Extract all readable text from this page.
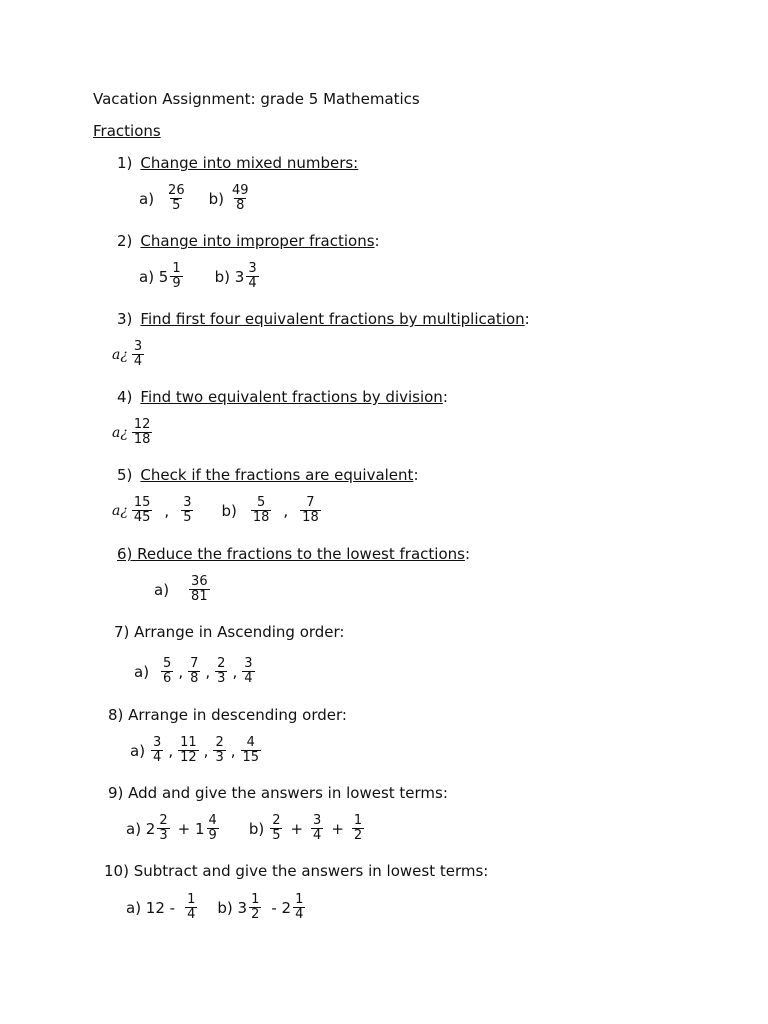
Vacation Assignment: grade 5 Mathematics
Fractions
1) Change into mixed numbers:
$a) \frac{26}{5} b) \frac{49}{8}$
2) Change into improper fractions :
a) $5 \frac{1}{9} b$) $3 \frac{3}{4}$
3) Find first four equivalent fractions by multiplication :
a¿ $\frac{3}{4}$
4) Find two equivalent fractions by division :
a¿ $\frac{12}{18}$
5) Check if the fractions are equivalent :
a¿ $\frac{15}{45}$ , $\frac{3}{5} b) \frac{5}{18}$ , $\frac{7}{18}$
6) Reduce the fractions to the lowest fractions :
$a) \frac{36}{81}$
7) Arrange in Ascending order:
$a) \frac{5}{6}$ , $\frac{7}{8}$ , $\frac{2}{3}$ , $\frac{3}{4}$
8) Arrange in descending order:
$a) \frac{3}{4}$ , $\frac{11}{12}$ , $\frac{2}{3}$ , $\frac{4}{15}$
9) Add and give the answers in lowest terms:
a) $2 \frac{2}{3} + 1 \frac{4}{9} b) \frac{2}{5} + \frac{3}{4} + \frac{1}{2}$
10) Subtract and give the answers in lowest terms:
a) $12 - \frac{1}{4} b$) $3 \frac{1}{2} - 2 \frac{1}{4}$
